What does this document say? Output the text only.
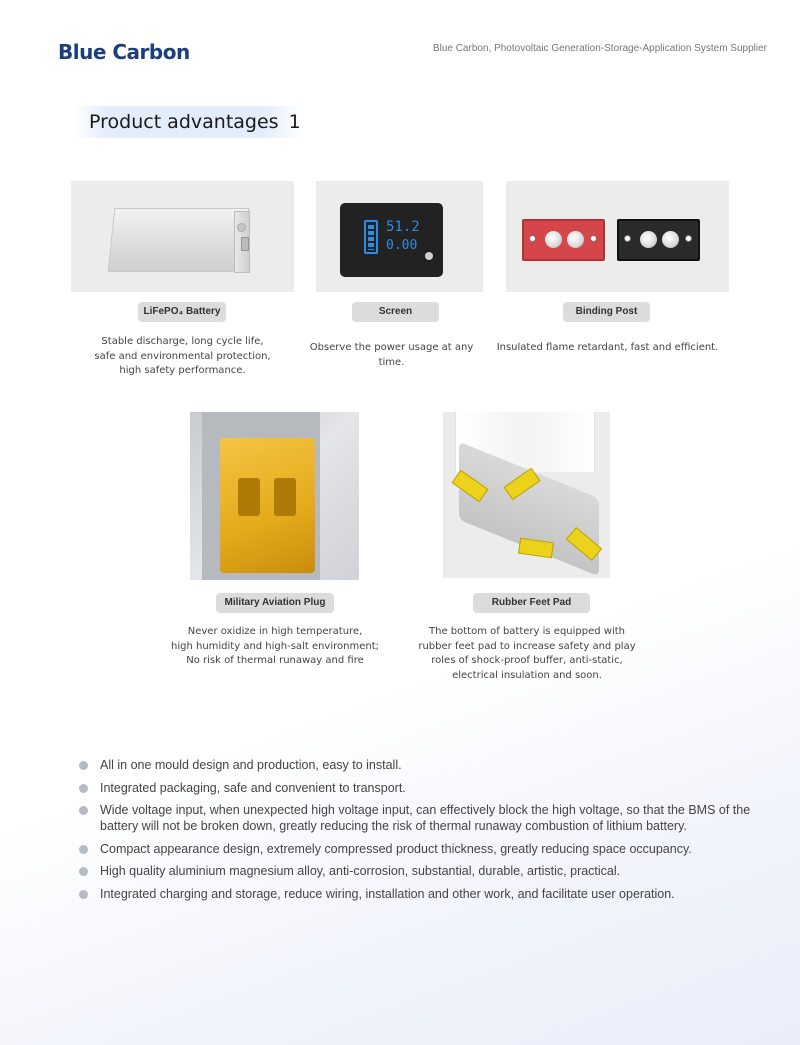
Blue Carbon	Blue Carbon, Photovoltaic Generation-Storage-Application System Supplier
Product advantages 1
LiFePO₄ Battery
Stable discharge, long cycle life,
safe and environmental protection,
high safety performance.
51.2
0.00
Screen
Observe the power usage at any time.
Binding Post
Insulated flame retardant, fast and efficient.
Military Aviation Plug
Never oxidize in high temperature,
high humidity and high-salt environment;
No risk of thermal runaway and fire
Rubber Feet Pad
The bottom of battery is equipped with
rubber feet pad to increase safety and play
roles of shock-proof buffer, anti-static,
electrical insulation and soon.
All in one mould design and production, easy to install.
Integrated packaging, safe and convenient to transport.
Wide voltage input, when unexpected high voltage input, can effectively block the high voltage, so that the BMS of the battery will not be broken down, greatly reducing the risk of thermal runaway combustion of lithium battery.
Compact appearance design, extremely compressed product thickness, greatly reducing space occupancy.
High quality aluminium magnesium alloy, anti-corrosion, substantial, durable, artistic, practical.
Integrated charging and storage, reduce wiring, installation and other work, and facilitate user operation.
